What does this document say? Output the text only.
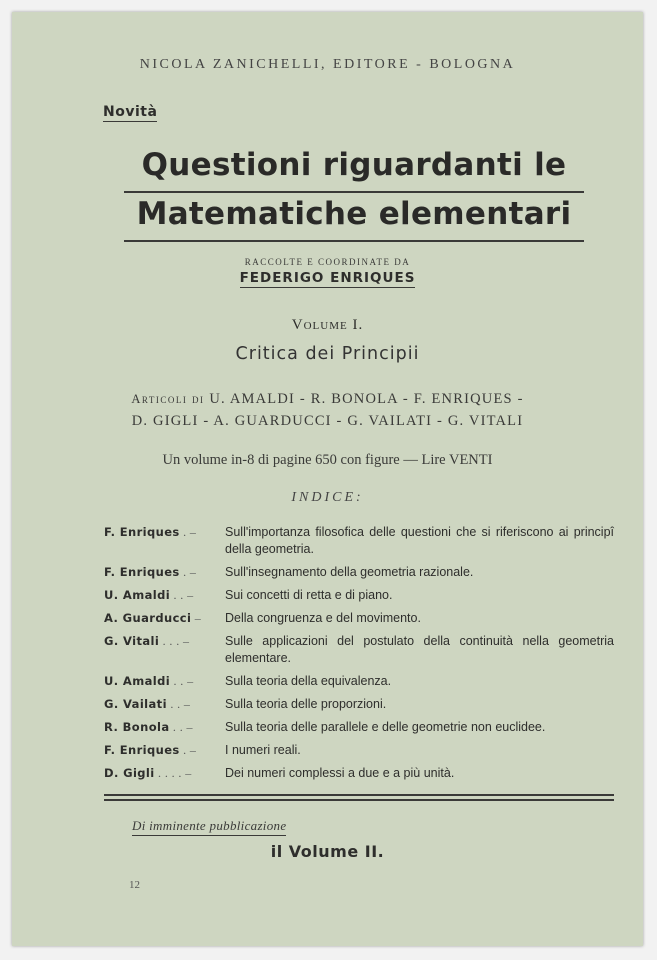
NICOLA ZANICHELLI, EDITORE - BOLOGNA
Novità
Questioni riguardanti le
Matematiche elementari
RACCOLTE E COORDINATE DA
FEDERIGO ENRIQUES
Volume I.
Critica dei Principii
Articoli di U. AMALDI - R. BONOLA - F. ENRIQUES -
D. GIGLI - A. GUARDUCCI - G. VAILATI - G. VITALI
Un volume in-8 di pagine 650 con figure — Lire VENTI
INDICE:
F. Enriques . –	Sull'importanza filosofica delle questioni che si riferiscono ai principî della geometria.
F. Enriques . –	Sull'insegnamento della geometria razionale.
U. Amaldi . . –	Sui concetti di retta e di piano.
A. Guarducci –	Della congruenza e del movimento.
G. Vitali . . . –	Sulle applicazioni del postulato della continuità nella geometria elementare.
U. Amaldi . . –	Sulla teoria della equivalenza.
G. Vailati . . –	Sulla teoria delle proporzioni.
R. Bonola . . –	Sulla teoria delle parallele e delle geometrie non euclidee.
F. Enriques . –	I numeri reali.
D. Gigli . . . . –	Dei numeri complessi a due e a più unità.
Di imminente pubblicazione
il Volume II.
12
